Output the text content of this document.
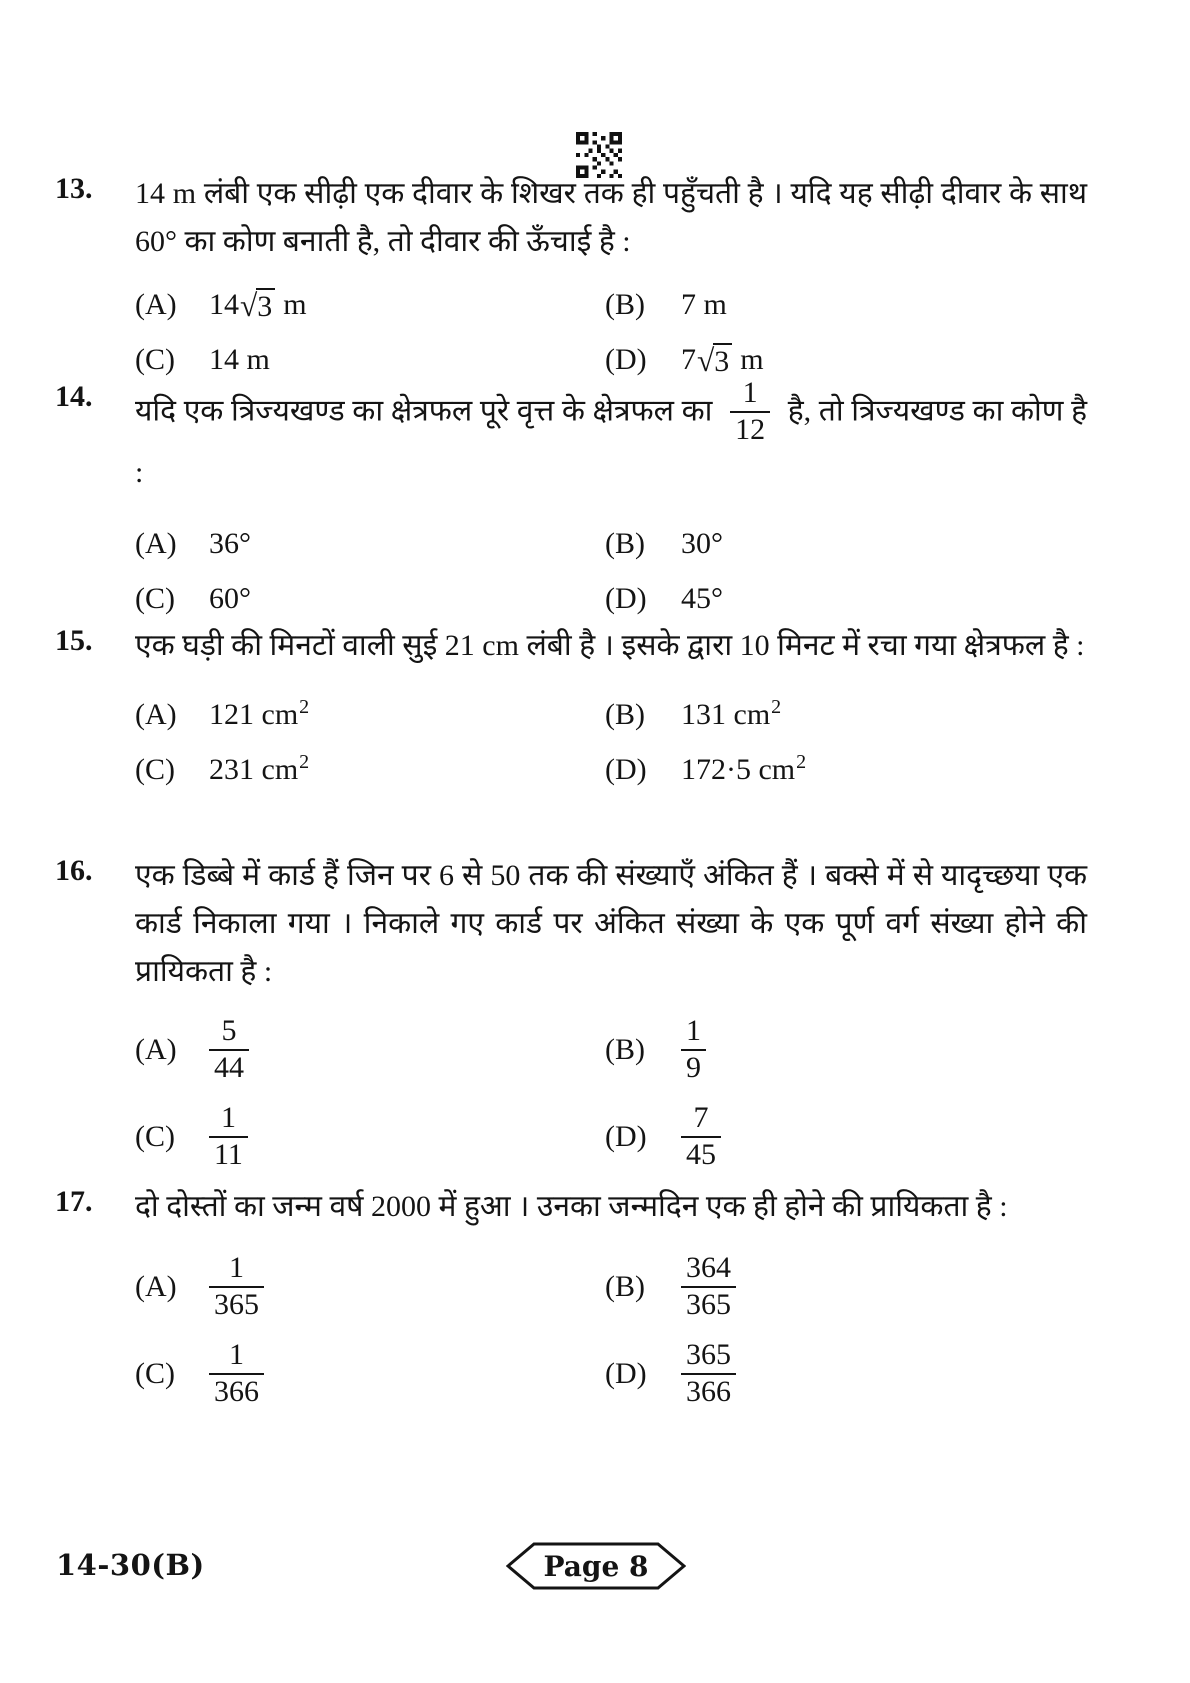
13. 14 m लंबी एक सीढ़ी एक दीवार के शिखर तक ही पहुँचती है । यदि यह सीढ़ी दीवार के साथ 60° का कोण बनाती है, तो दीवार की ऊँचाई है :

(A)	14 √ 3 m	(B)	7 m
(C)	14 m	(D)	7 √ 3 m
14. यदि एक त्रिज्यखण्ड का क्षेत्रफल पूरे वृत्त के क्षेत्रफल का $\frac{1}{12}$ है, तो त्रिज्यखण्ड का कोण है :

(A)	36°	(B)	30°
(C)	60°	(D)	45°
15. एक घड़ी की मिनटों वाली सुई 21 cm लंबी है । इसके द्वारा 10 मिनट में रचा गया क्षेत्रफल है :

(A)	121 $cm^2$	(B)	131 $cm^2$
(C)	231 $cm^2$	(D)	172·5 $cm^2$
16. एक डिब्बे में कार्ड हैं जिन पर 6 से 50 तक की संख्याएँ अंकित हैं । बक्से में से यादृच्छया एक कार्ड निकाला गया । निकाले गए कार्ड पर अंकित संख्या के एक पूर्ण वर्ग संख्या होने की प्रायिकता है :

(A)	$\frac{5}{44}$	(B)	$\frac{1}{9}$
(C)	$\frac{1}{11}$	(D)	$\frac{7}{45}$
17. दो दोस्तों का जन्म वर्ष 2000 में हुआ । उनका जन्मदिन एक ही होने की प्रायिकता है :

(A)	$\frac{1}{365}$	(B)	$\frac{364}{365}$
(C)	$\frac{1}{366}$	(D)	$\frac{365}{366}$
14-30(B)	Page 8
